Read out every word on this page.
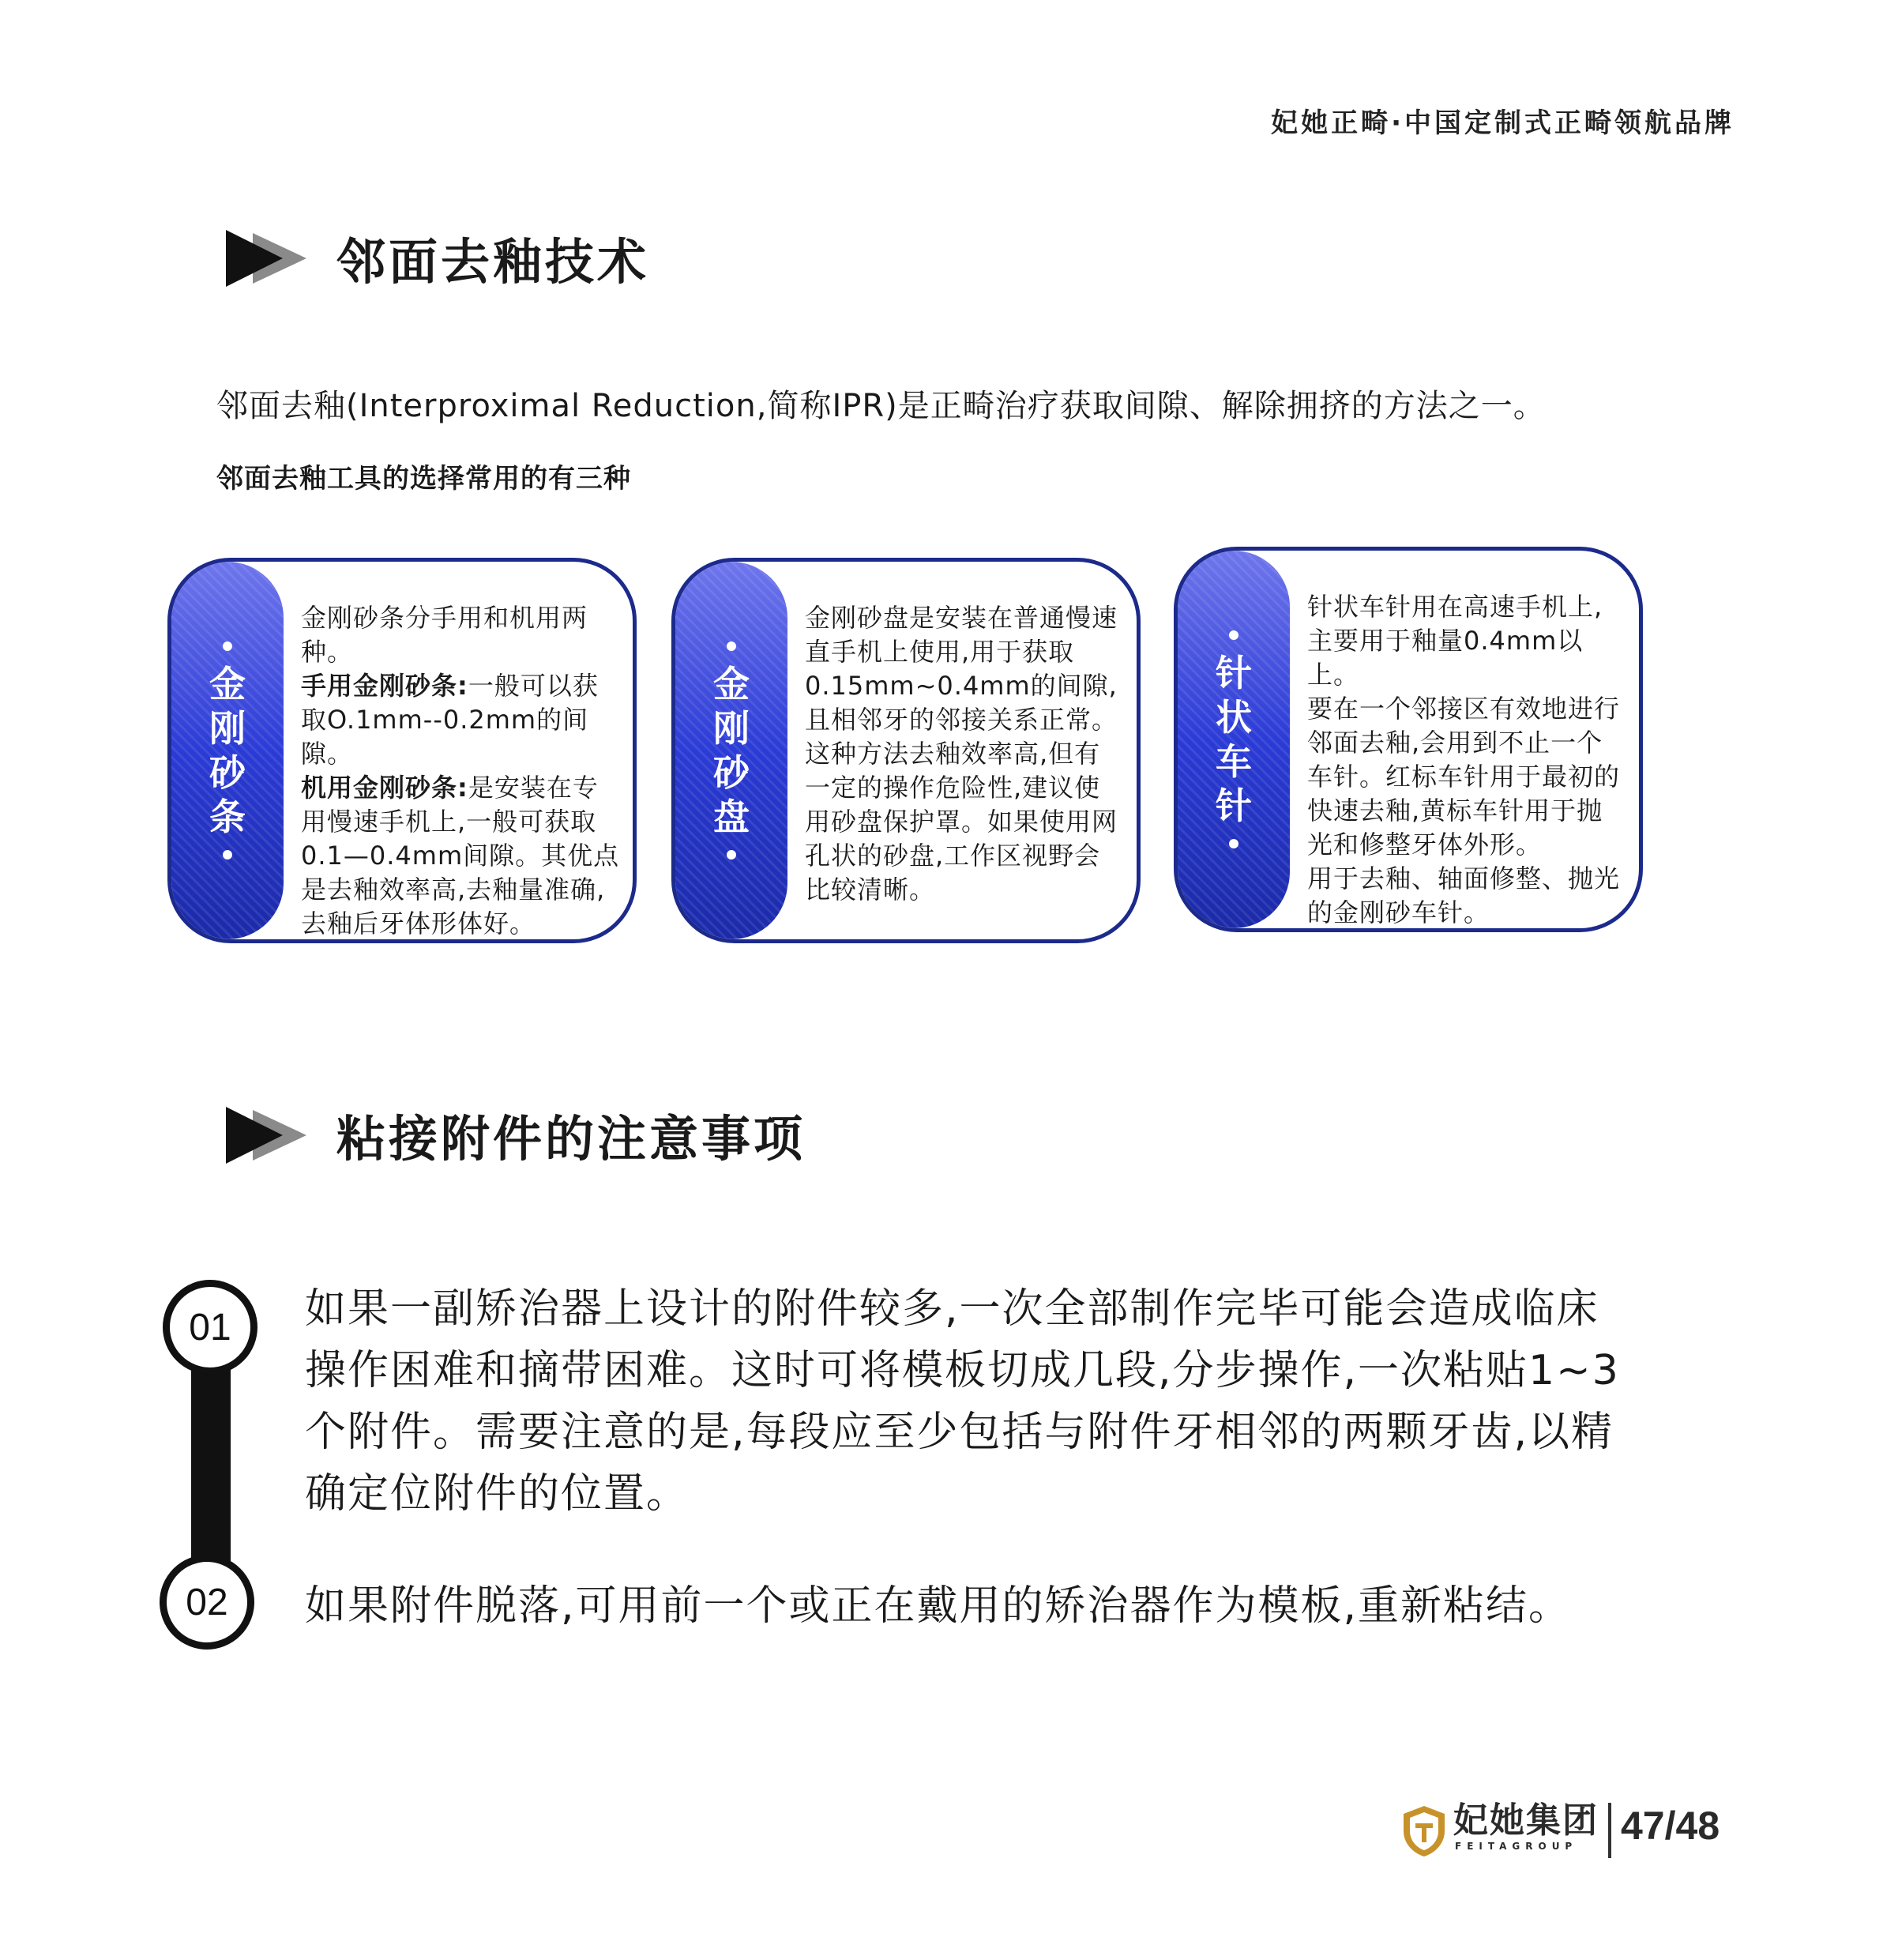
妃她正畸·中国定制式正畸领航品牌
邻面去釉技术
邻面去釉(Interproximal Reduction,简称IPR)是正畸治疗获取间隙、解除拥挤的方法之一。
邻面去釉工具的选择常用的有三种
金
刚
砂
条

金刚砂条分手用和机用两种。

手用金刚砂条:一般可以获取O.1mm--0.2mm的间隙。

机用金刚砂条:是安装在专用慢速手机上,一般可获取0.1—0.4mm间隙。其优点是去釉效率高,去釉量准确,去釉后牙体形体好。

金
刚
砂
盘

金刚砂盘是安装在普通慢速直手机上使用,用于获取0.15mm~0.4mm的间隙,且相邻牙的邻接关系正常。这种方法去釉效率高,但有一定的操作危险性,建议使用砂盘保护罩。如果使用网孔状的砂盘,工作区视野会比较清晰。

针
状
车
针

针状车针用在高速手机上,主要用于釉量0.4mm以上。

要在一个邻接区有效地进行邻面去釉,会用到不止一个车针。红标车针用于最初的快速去釉,黄标车针用于抛光和修整牙体外形。

用于去釉、轴面修整、抛光的金刚砂车针。

粘接附件的注意事项
01
02
如果一副矫治器上设计的附件较多,一次全部制作完毕可能会造成临床操作困难和摘带困难。这时可将模板切成几段,分步操作,一次粘贴1~3个附件。需要注意的是,每段应至少包括与附件牙相邻的两颗牙齿,以精确定位附件的位置。
如果附件脱落,可用前一个或正在戴用的矫治器作为模板,重新粘结。
妃她集团
FEITAGROUP 47/48
